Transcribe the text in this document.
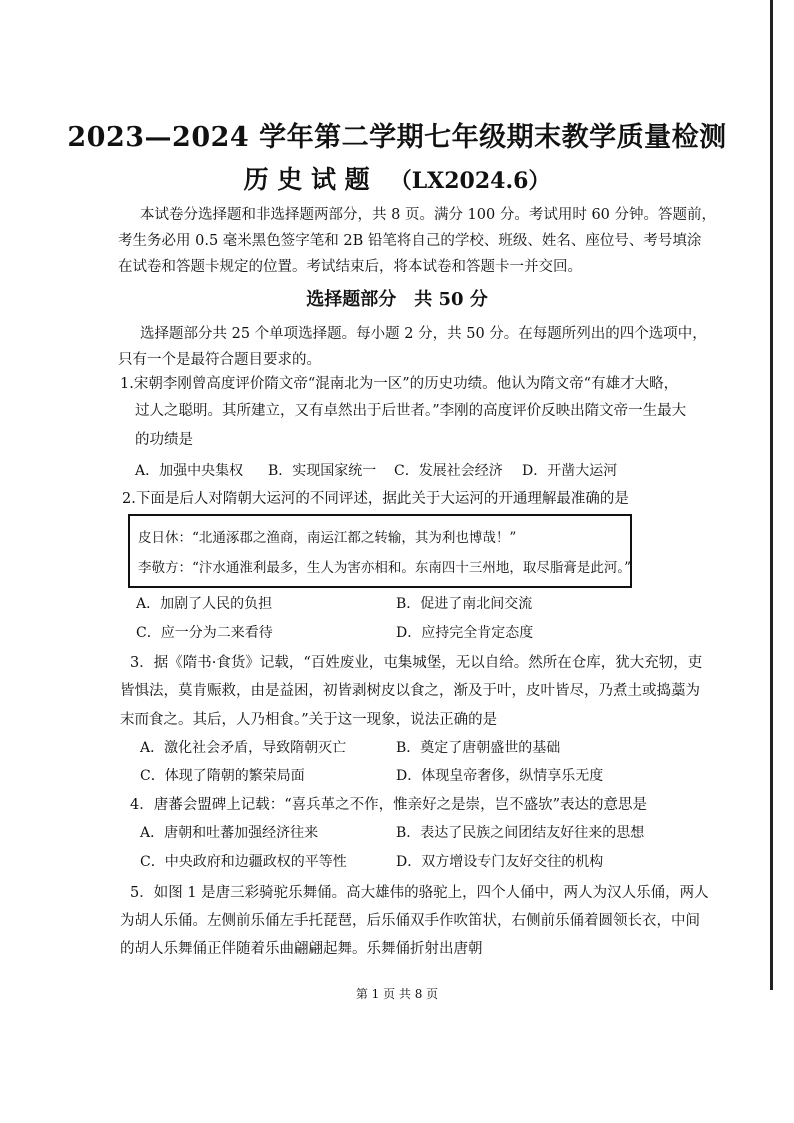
2023—2024 学年第二学期七年级期末教学质量检测
历 史 试 题 （LX2024.6）
本试卷分选择题和非选择题两部分，共 8 页。满分 100 分。考试用时 60 分钟。答题前，
考生务必用 0.5 毫米黑色签字笔和 2B 铅笔将自己的学校、班级、姓名、座位号、考号填涂
在试卷和答题卡规定的位置。考试结束后，将本试卷和答题卡一并交回。
选择题部分　共 50 分
选择题部分共 25 个单项选择题。每小题 2 分，共 50 分。在每题所列出的四个选项中，
只有一个是最符合题目要求的。
1.宋朝李刚曾高度评价隋文帝“混南北为一区”的历史功绩。他认为隋文帝“有雄才大略，
过人之聪明。其所建立，又有卓然出于后世者。”李刚的高度评价反映出隋文帝一生最大
的功绩是
A．加强中央集权 B．实现国家统一 C．发展社会经济 D．开凿大运河
2.下面是后人对隋朝大运河的不同评述，据此关于大运河的开通理解最准确的是
皮日休：“北通涿郡之渔商，南运江都之转输，其为利也博哉！”
李敬方：“汴水通淮利最多，生人为害亦相和。东南四十三州地，取尽脂膏是此河。”
A．加剧了人民的负担	B．促进了南北间交流
C．应一分为二来看待	D．应持完全肯定态度
3．据《隋书·食货》记载，“百姓废业，屯集城堡，无以自给。然所在仓库，犹大充牣，吏
皆惧法，莫肯赈救，由是益困，初皆剥树皮以食之，渐及于叶，皮叶皆尽，乃煮土或捣藁为
末而食之。其后，人乃相食。”关于这一现象，说法正确的是
A．激化社会矛盾，导致隋朝灭亡	B．奠定了唐朝盛世的基础
C．体现了隋朝的繁荣局面	D．体现皇帝奢侈，纵情享乐无度
4．唐蕃会盟碑上记载：“喜兵革之不作，惟亲好之是崇，岂不盛欤”表达的意思是
A．唐朝和吐蕃加强经济往来	B．表达了民族之间团结友好往来的思想
C．中央政府和边疆政权的平等性	D．双方增设专门友好交往的机构
5．如图 1 是唐三彩骑驼乐舞俑。高大雄伟的骆驼上，四个人俑中，两人为汉人乐俑，两人
为胡人乐俑。左侧前乐俑左手托琵琶，后乐俑双手作吹笛状，右侧前乐俑着圆领长衣，中间
的胡人乐舞俑正伴随着乐曲翩翩起舞。乐舞俑折射出唐朝
第 1 页 共 8 页
